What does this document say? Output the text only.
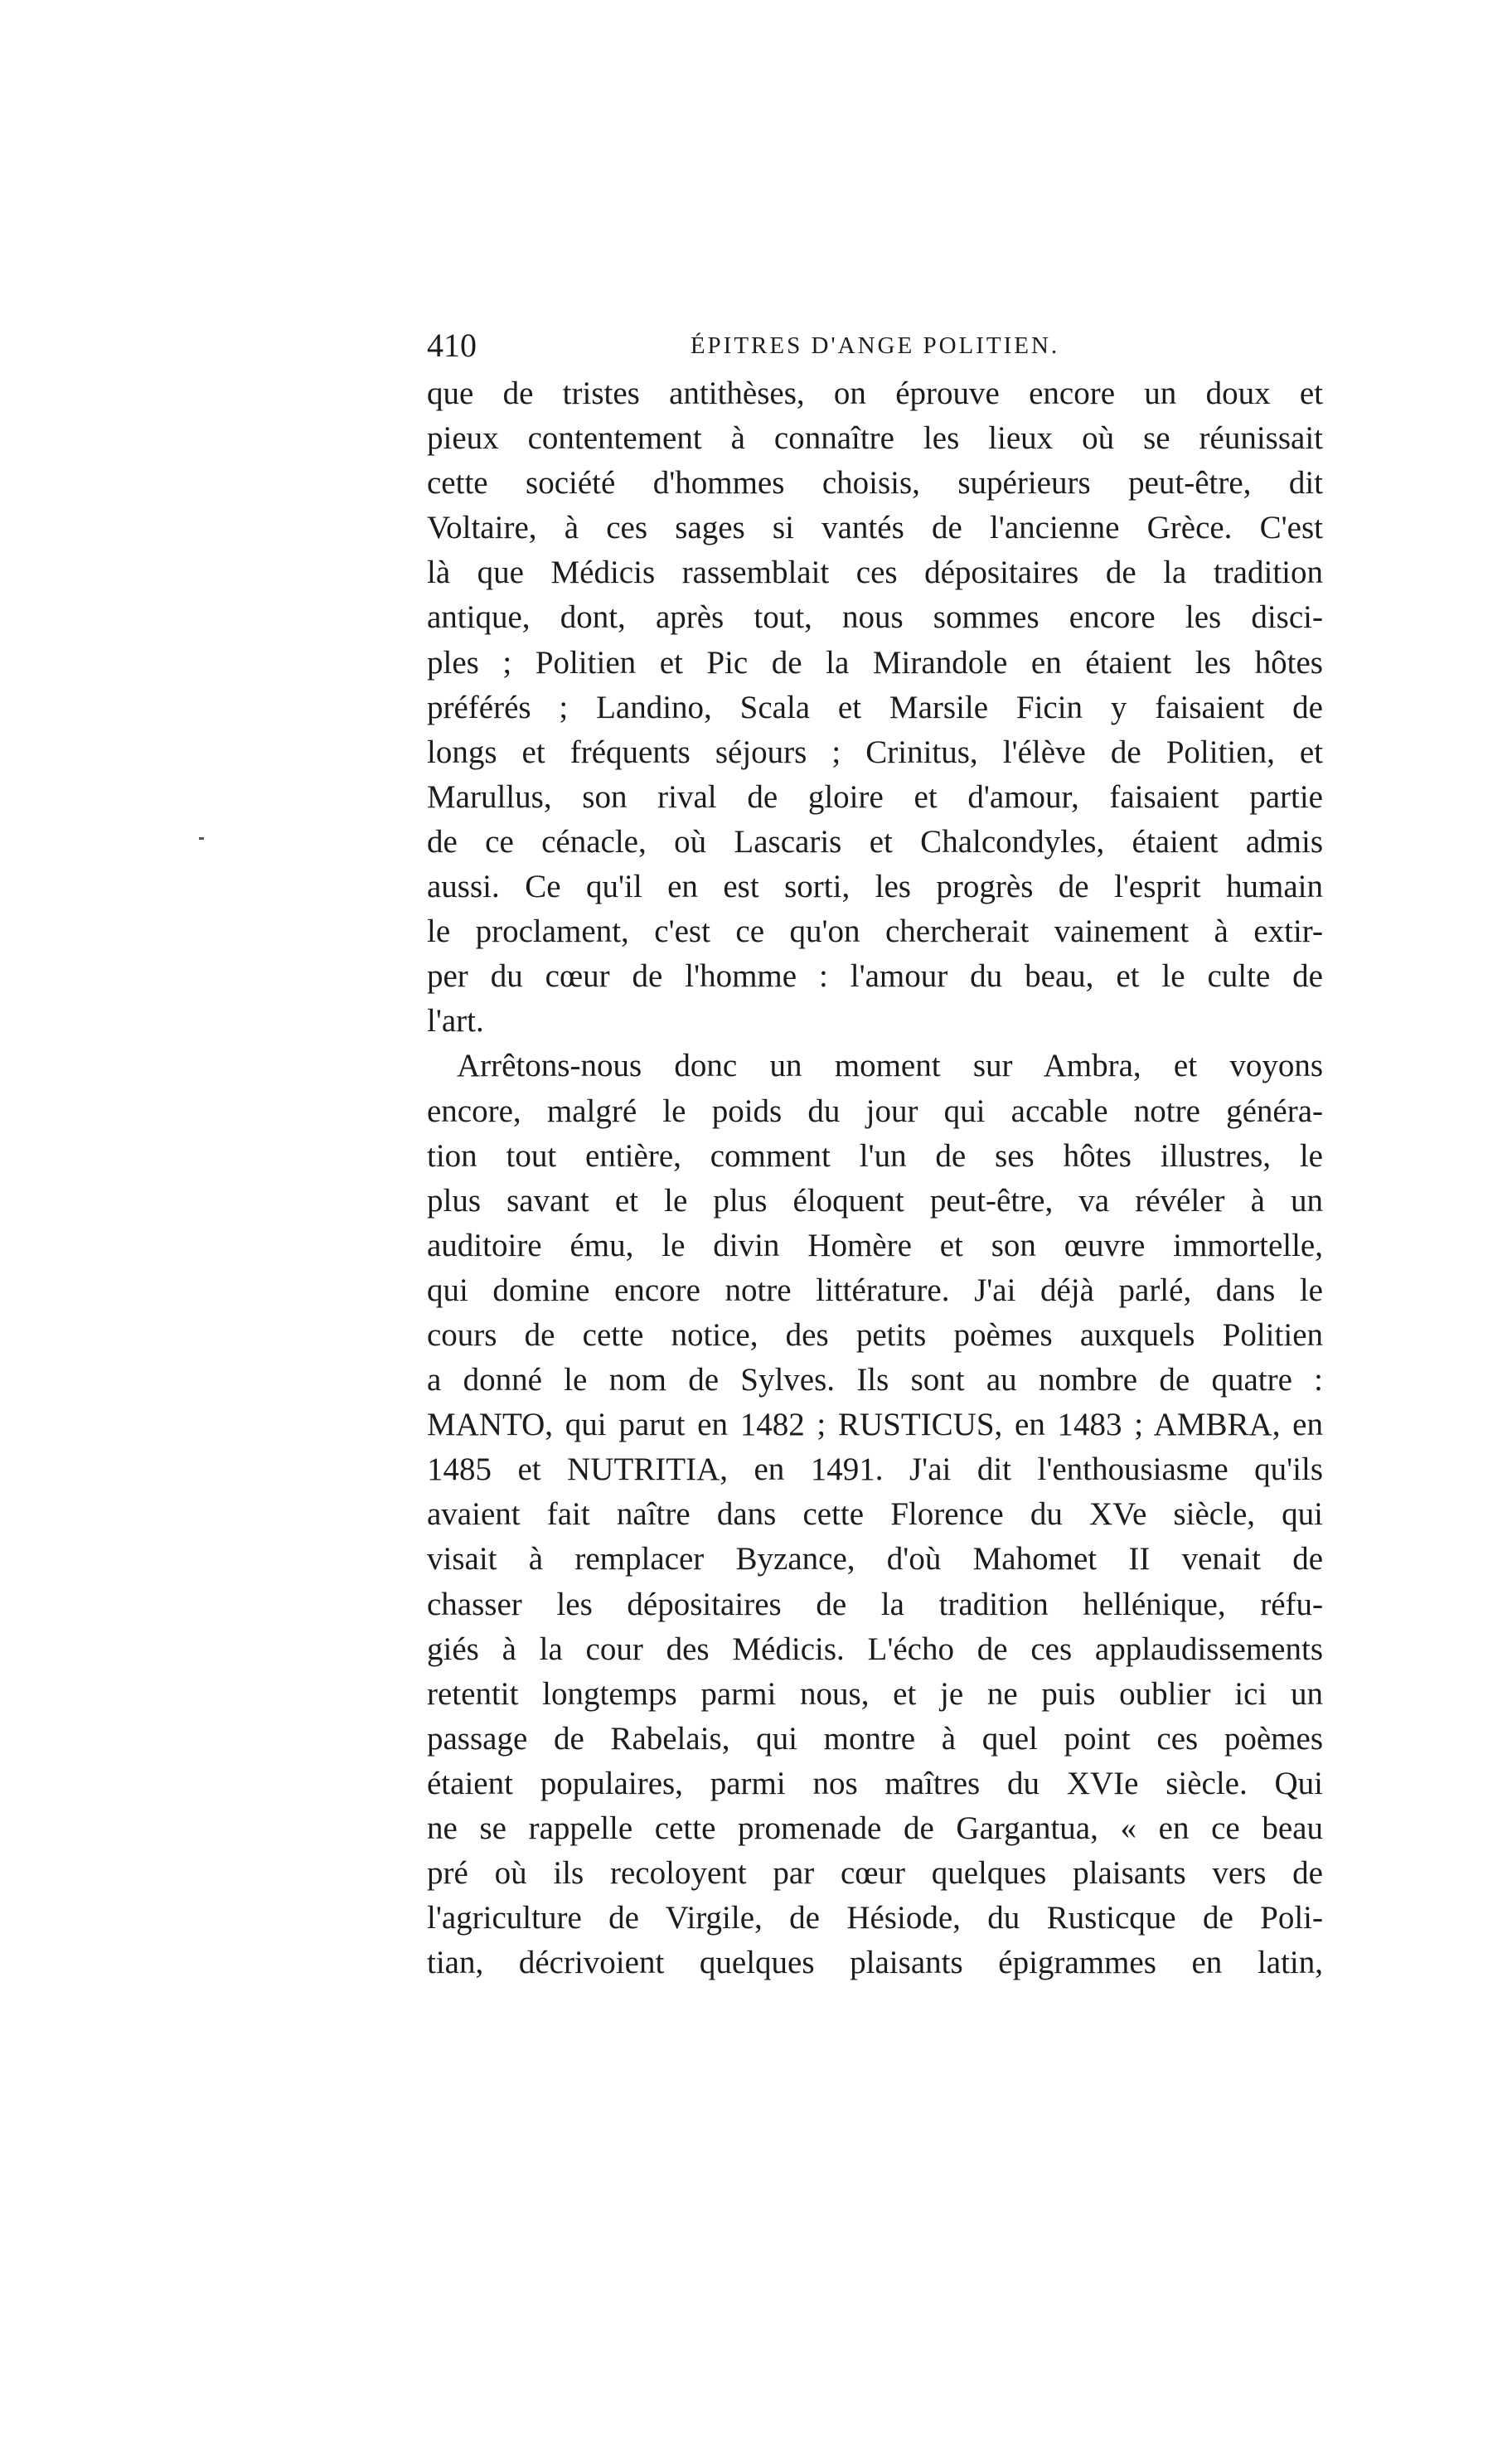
410	ÉPITRES D'ANGE POLITIEN.
que de tristes antithèses, on éprouve encore un doux et
pieux contentement à connaître les lieux où se réunissait
cette société d'hommes choisis, supérieurs peut-être, dit
Voltaire, à ces sages si vantés de l'ancienne Grèce. C'est
là que Médicis rassemblait ces dépositaires de la tradition
antique, dont, après tout, nous sommes encore les disci-
ples ; Politien et Pic de la Mirandole en étaient les hôtes
préférés ; Landino, Scala et Marsile Ficin y faisaient de
longs et fréquents séjours ; Crinitus, l'élève de Politien, et
Marullus, son rival de gloire et d'amour, faisaient partie
de ce cénacle, où Lascaris et Chalcondyles, étaient admis
aussi. Ce qu'il en est sorti, les progrès de l'esprit humain
le proclament, c'est ce qu'on chercherait vainement à extir-
per du cœur de l'homme : l'amour du beau, et le culte de
l'art.
Arrêtons-nous donc un moment sur Ambra, et voyons
encore, malgré le poids du jour qui accable notre généra-
tion tout entière, comment l'un de ses hôtes illustres, le
plus savant et le plus éloquent peut-être, va révéler à un
auditoire ému, le divin Homère et son œuvre immortelle,
qui domine encore notre littérature. J'ai déjà parlé, dans le
cours de cette notice, des petits poèmes auxquels Politien
a donné le nom de Sylves. Ils sont au nombre de quatre :
MANTO, qui parut en 1482 ; RUSTICUS, en 1483 ; AMBRA, en
1485 et NUTRITIA, en 1491. J'ai dit l'enthousiasme qu'ils
avaient fait naître dans cette Florence du XVe siècle, qui
visait à remplacer Byzance, d'où Mahomet II venait de
chasser les dépositaires de la tradition hellénique, réfu-
giés à la cour des Médicis. L'écho de ces applaudissements
retentit longtemps parmi nous, et je ne puis oublier ici un
passage de Rabelais, qui montre à quel point ces poèmes
étaient populaires, parmi nos maîtres du XVIe siècle. Qui
ne se rappelle cette promenade de Gargantua, « en ce beau
pré où ils recoloyent par cœur quelques plaisants vers de
l'agriculture de Virgile, de Hésiode, du Rusticque de Poli-
tian, décrivoient quelques plaisants épigrammes en latin,
